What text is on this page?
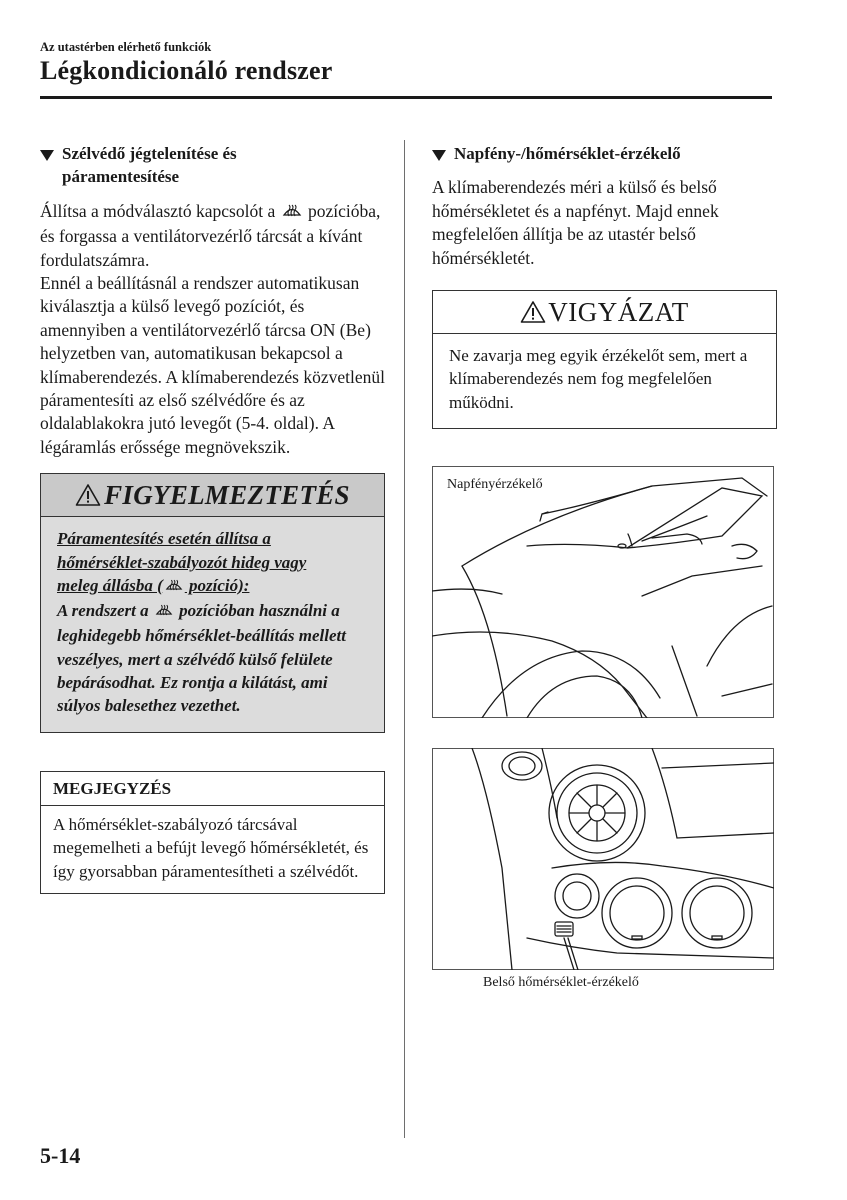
Az utastérben elérhető funkciók
Légkondicionáló rendszer
Szélvédő jégtelenítése és
páramentesítése

Állítsa a módválasztó kapcsolót a pozícióba, és forgassa a ventilátorvezérlő tárcsát a kívánt fordulatszámra.

Ennél a beállításnál a rendszer automatikusan kiválasztja a külső levegő pozíciót, és amennyiben a ventilátorvezérlő tárcsa ON (Be) helyzetben van, automatikusan bekapcsol a klímaberendezés. A klímaberendezés közvetlenül páramentesíti az első szélvédőre és az oldalablakokra jutó levegőt (5-4. oldal). A légáramlás erőssége megnövekszik.

FIGYELMEZTETÉS
Páramentesítés esetén állítsa a
hőmérséklet-szabályozót hideg vagy
meleg állásba ( pozíció):
A rendszert a pozícióban használni a leghidegebb hőmérséklet-beállítás mellett veszélyes, mert a szélvédő külső felülete bepárásodhat. Ez rontja a kilátást, ami súlyos balesethez vezethet.
MEGJEGYZÉS
A hőmérséklet-szabályozó tárcsával megemelheti a befújt levegő hőmérsékletét, és így gyorsabban páramentesítheti a szélvédőt.
Napfény-/hőmérséklet-érzékelő

A klímaberendezés méri a külső és belső hőmérsékletet és a napfényt. Majd ennek megfelelően állítja be az utastér belső hőmérsékletét.

VIGYÁZAT
Ne zavarja meg egyik érzékelőt sem, mert a klímaberendezés nem fog megfelelően működni.
Napfényérzékelő
Belső hőmérséklet-érzékelő
5-14
